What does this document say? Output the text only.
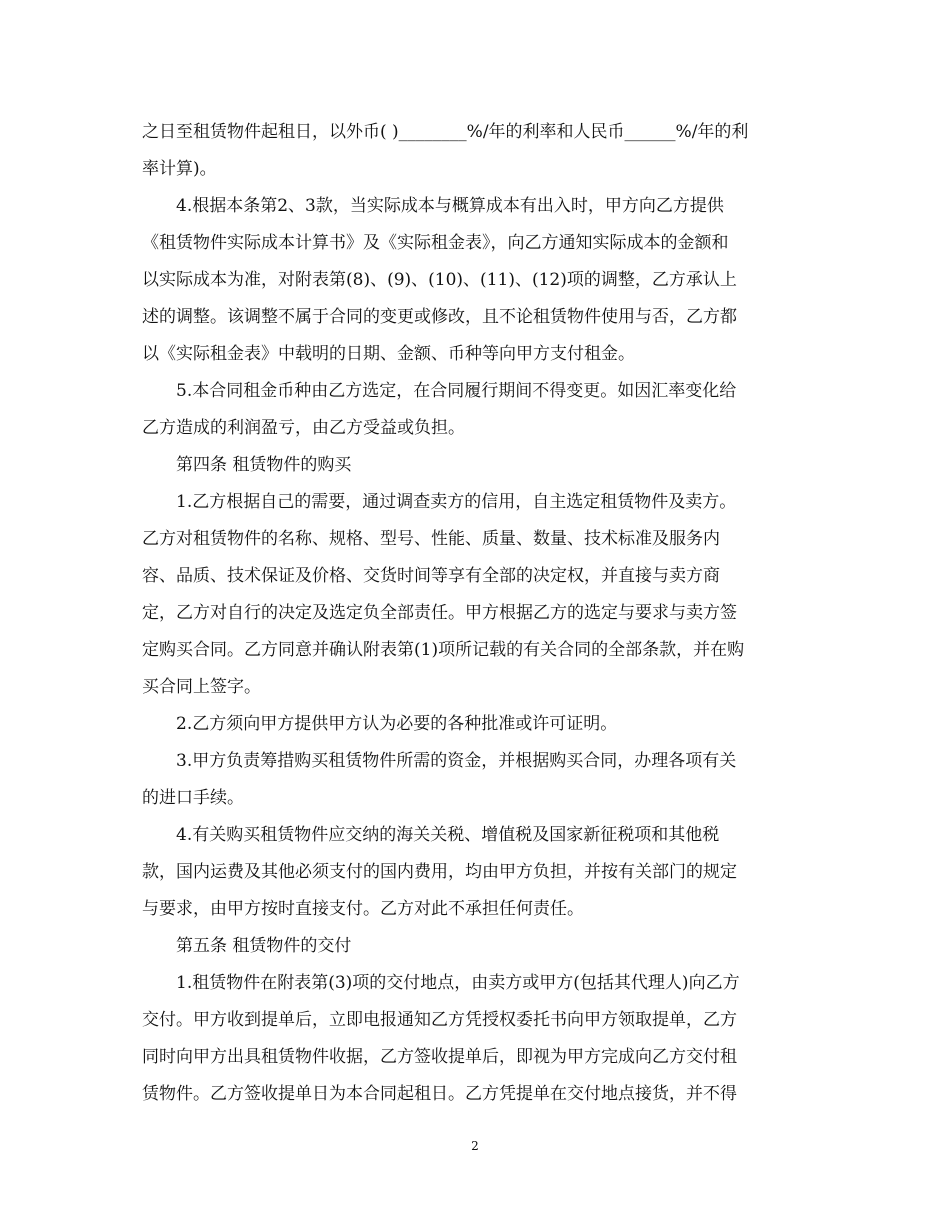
之日至租赁物件起租日，以外币( )________%/年的利率和人民币______%/年的利

率计算)。

4.根据本条第2、3款，当实际成本与概算成本有出入时，甲方向乙方提供

《租赁物件实际成本计算书》及《实际租金表》，向乙方通知实际成本的金额和

以实际成本为准，对附表第(8)、(9)、(10)、(11)、(12)项的调整，乙方承认上

述的调整。该调整不属于合同的变更或修改，且不论租赁物件使用与否，乙方都

以《实际租金表》中载明的日期、金额、币种等向甲方支付租金。

5.本合同租金币种由乙方选定，在合同履行期间不得变更。如因汇率变化给

乙方造成的利润盈亏，由乙方受益或负担。

第四条 租赁物件的购买

1.乙方根据自己的需要，通过调查卖方的信用，自主选定租赁物件及卖方。

乙方对租赁物件的名称、规格、型号、性能、质量、数量、技术标准及服务内

容、品质、技术保证及价格、交货时间等享有全部的决定权，并直接与卖方商

定，乙方对自行的决定及选定负全部责任。甲方根据乙方的选定与要求与卖方签

定购买合同。乙方同意并确认附表第(1)项所记载的有关合同的全部条款，并在购

买合同上签字。

2.乙方须向甲方提供甲方认为必要的各种批准或许可证明。

3.甲方负责筹措购买租赁物件所需的资金，并根据购买合同，办理各项有关

的进口手续。

4.有关购买租赁物件应交纳的海关关税、增值税及国家新征税项和其他税

款，国内运费及其他必须支付的国内费用，均由甲方负担，并按有关部门的规定

与要求，由甲方按时直接支付。乙方对此不承担任何责任。

第五条 租赁物件的交付

1.租赁物件在附表第(3)项的交付地点，由卖方或甲方(包括其代理人)向乙方

交付。甲方收到提单后，立即电报通知乙方凭授权委托书向甲方领取提单，乙方

同时向甲方出具租赁物件收据，乙方签收提单后，即视为甲方完成向乙方交付租

赁物件。乙方签收提单日为本合同起租日。乙方凭提单在交付地点接货，并不得

2
